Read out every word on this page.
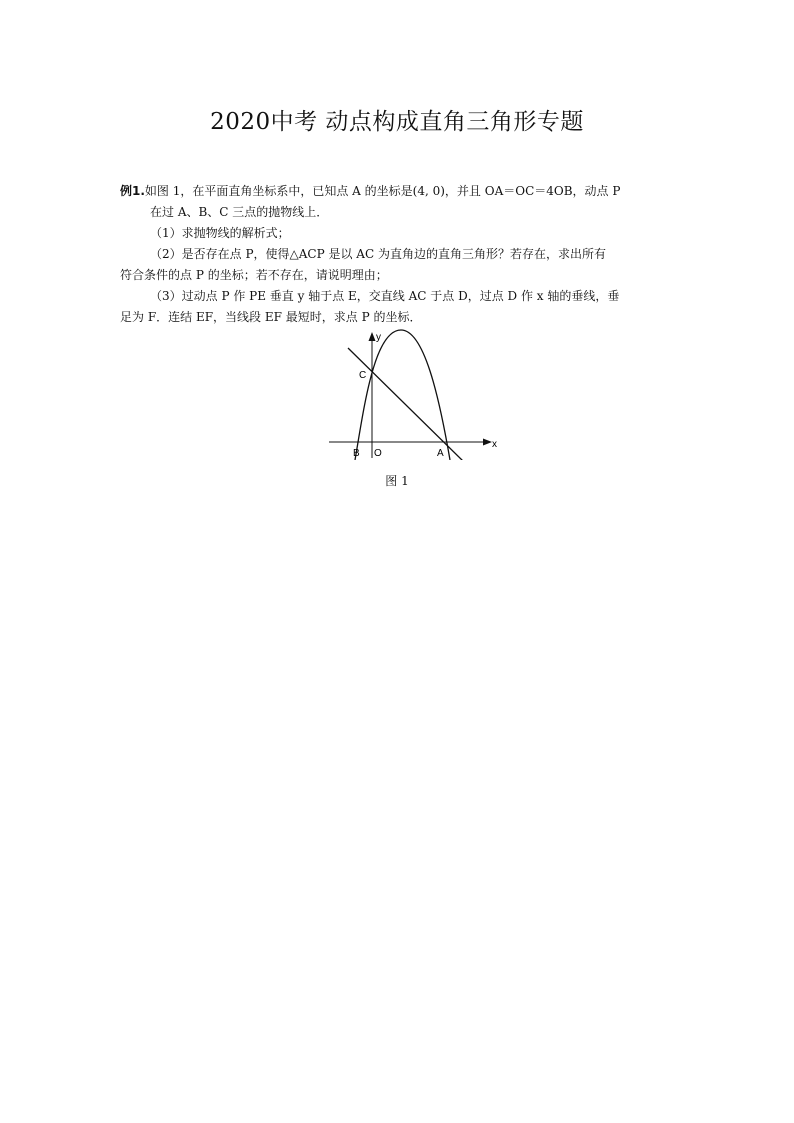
2020中考 动点构成直角三角形专题
例1.如图 1，在平面直角坐标系中，已知点 A 的坐标是(4, 0)，并且 OA＝OC＝4OB，动点 P
在过 A、B、C 三点的抛物线上．
（1）求抛物线的解析式；
（2）是否存在点 P，使得△ACP 是以 AC 为直角边的直角三角形？若存在，求出所有
符合条件的点 P 的坐标；若不存在，请说明理由；
（3）过动点 P 作 PE 垂直 y 轴于点 E，交直线 AC 于点 D，过点 D 作 x 轴的垂线，垂
足为 F．连结 EF，当线段 EF 最短时，求点 P 的坐标．
x
y
C
B O	A
图 1
